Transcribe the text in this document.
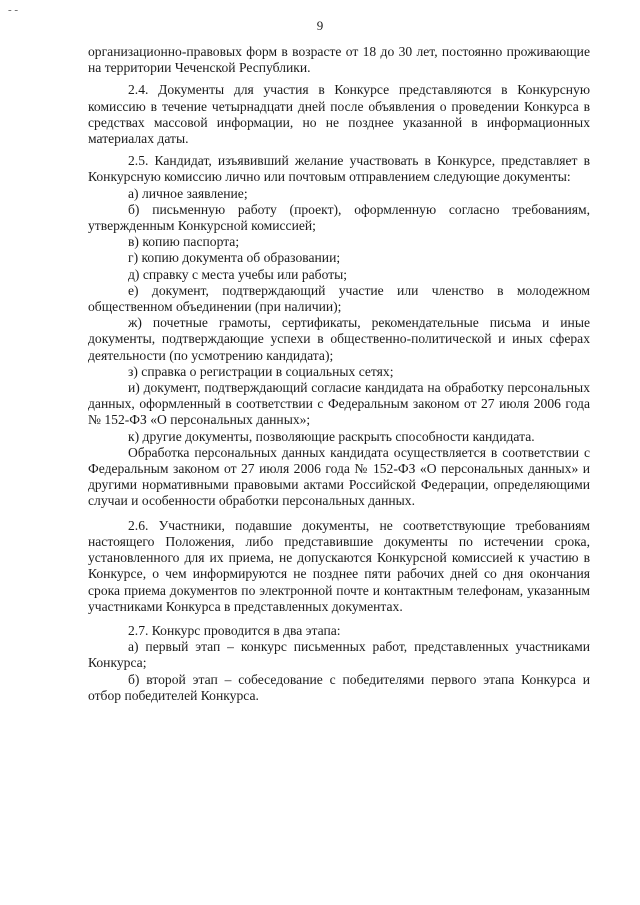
- -
9

организационно-правовых форм в возрасте от 18 до 30 лет, постоянно проживающие на территории Чеченской Республики.

2.4. Документы для участия в Конкурсе представляются в Конкурсную комиссию в течение четырнадцати дней после объявления о проведении Конкурса в средствах массовой информации, но не позднее указанной в информационных материалах даты.

2.5. Кандидат, изъявивший желание участвовать в Конкурсе, представляет в Конкурсную комиссию лично или почтовым отправлением следующие документы:

а) личное заявление;

б) письменную работу (проект), оформленную согласно требованиям, утвержденным Конкурсной комиссией;

в) копию паспорта;

г) копию документа об образовании;

д) справку с места учебы или работы;

е) документ, подтверждающий участие или членство в молодежном общественном объединении (при наличии);

ж) почетные грамоты, сертификаты, рекомендательные письма и иные документы, подтверждающие успехи в общественно-политической и иных сферах деятельности (по усмотрению кандидата);

з) справка о регистрации в социальных сетях;

и) документ, подтверждающий согласие кандидата на обработку персональных данных, оформленный в соответствии с Федеральным законом от 27 июля 2006 года № 152-ФЗ «О персональных данных»;

к) другие документы, позволяющие раскрыть способности кандидата.

Обработка персональных данных кандидата осуществляется в соответствии с Федеральным законом от 27 июля 2006 года № 152-ФЗ «О персональных данных» и другими нормативными правовыми актами Российской Федерации, определяющими случаи и особенности обработки персональных данных.

2.6. Участники, подавшие документы, не соответствующие требованиям настоящего Положения, либо представившие документы по истечении срока, установленного для их приема, не допускаются Конкурсной комиссией к участию в Конкурсе, о чем информируются не позднее пяти рабочих дней со дня окончания срока приема документов по электронной почте и контактным телефонам, указанным участниками Конкурса в представленных документах.

2.7. Конкурс проводится в два этапа:

а) первый этап – конкурс письменных работ, представленных участниками Конкурса;

б) второй этап – собеседование с победителями первого этапа Конкурса и отбор победителей Конкурса.
